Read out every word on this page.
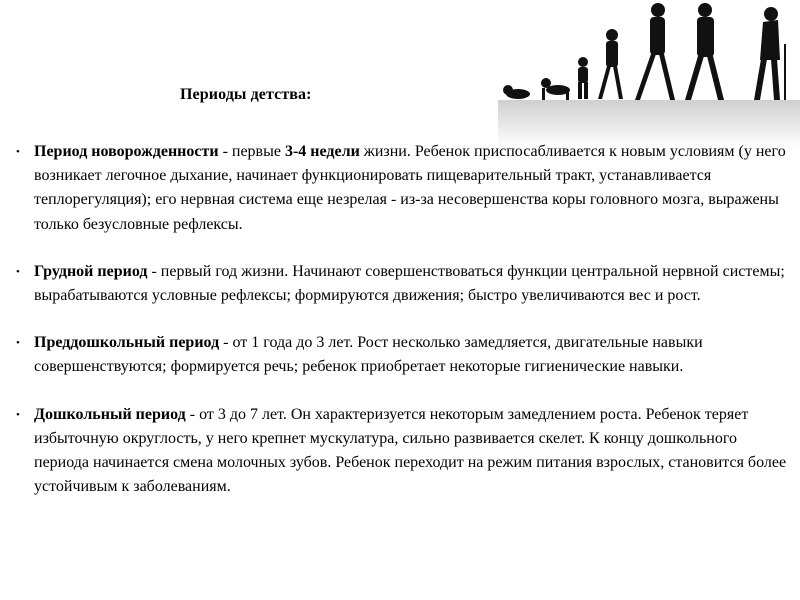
Периоды детства:
• Период новорожденности - первые 3-4 недели жизни. Ребенок приспосабливается к новым условиям (у него возникает легочное дыхание, начинает функционировать пищеварительный тракт, устанавливается теплорегуляция); его нервная система еще незрелая - из-за несовершенства коры головного мозга, выражены только безусловные рефлексы.
• Грудной период - первый год жизни. Начинают совершенствоваться функции центральной нервной системы; вырабатываются условные рефлексы; формируются движения; быстро увеличиваются вес и рост.
• Преддошкольный период - от 1 года до 3 лет. Рост несколько замедляется, двигательные навыки совершенствуются; формируется речь; ребенок приобретает некоторые гигиенические навыки.
• Дошкольный период - от 3 до 7 лет. Он характеризуется некоторым замедлением роста. Ребенок теряет избыточную округлость, у него крепнет мускулатура, сильно развивается скелет. К концу дошкольного периода начинается смена молочных зубов. Ребенок переходит на режим питания взрослых, становится более устойчивым к заболеваниям.
